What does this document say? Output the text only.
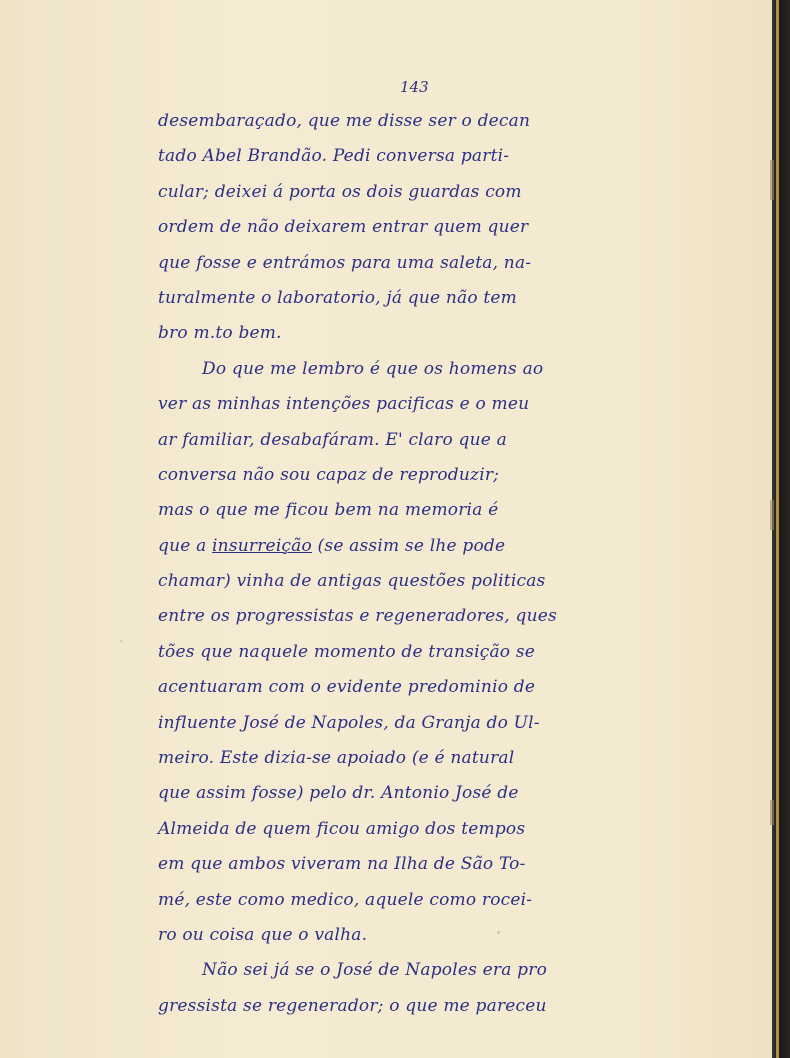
143
desembaraçado, que me disse ser o decan
tado Abel Brandão. Pedi conversa parti-
cular; deixei á porta os dois guardas com
ordem de não deixarem entrar quem quer
que fosse e entrámos para uma saleta, na-
turalmente o laboratorio, já que não tem
bro m.to bem.
Do que me lembro é que os homens ao
ver as minhas intenções pacificas e o meu
ar familiar, desabafáram. E' claro que a
conversa não sou capaz de reproduzir;
mas o que me ficou bem na memoria é
que a insurreição (se assim se lhe pode
chamar) vinha de antigas questões politicas
entre os progressistas e regeneradores, ques
tões que naquele momento de transição se
acentuaram com o evidente predominio de
influente José de Napoles, da Granja do Ul-
meiro. Este dizia-se apoiado (e é natural
que assim fosse) pelo dr. Antonio José de
Almeida de quem ficou amigo dos tempos
em que ambos viveram na Ilha de São To-
mé, este como medico, aquele como rocei-
ro ou coisa que o valha.
Não sei já se o José de Napoles era pro
gressista se regenerador; o que me pareceu
